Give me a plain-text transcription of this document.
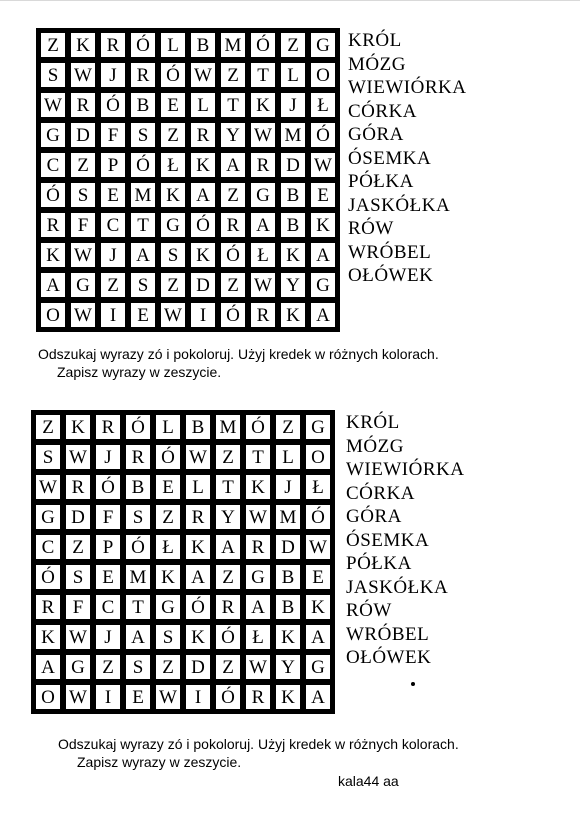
Z K R Ó L B M Ó Z G
S W J	R Ó W Z T L O
W R Ó B E L T K	J	Ł
G D F	S Z R Y W M Ó
C Z P Ó Ł K A R D W
Ó S E M K A Z G B E
R F C T G Ó R A B K
K W J	A S K Ó Ł K A
A G Z S Z D Z W Y G
O W I	E W I	Ó R K A
KRÓL
MÓZG
WIEWIÓRKA
CÓRKA
GÓRA
ÓSEMKA
PÓŁKA
JASKÓŁKA
RÓW
WRÓBEL
OŁÓWEK
Odszukaj wyrazy zó i pokoloruj. Użyj kredek w różnych kolorach.
Zapisz wyrazy w zeszycie.
Z K R Ó L B M Ó Z G
S W J	R Ó W Z T L O
W R Ó B E L T K	J	Ł
G D F	S Z R Y W M Ó
C Z P Ó Ł K A R D W
Ó S E M K A Z G B E
R F C T G Ó R A B K
K W J	A S K Ó Ł K A
A G Z S Z D Z W Y G
O W I	E W I	Ó R K A
KRÓL
MÓZG
WIEWIÓRKA
CÓRKA
GÓRA
ÓSEMKA
PÓŁKA
JASKÓŁKA
RÓW
WRÓBEL
OŁÓWEK
Odszukaj wyrazy zó i pokoloruj. Użyj kredek w różnych kolorach.
Zapisz wyrazy w zeszycie.
kala44 aa
